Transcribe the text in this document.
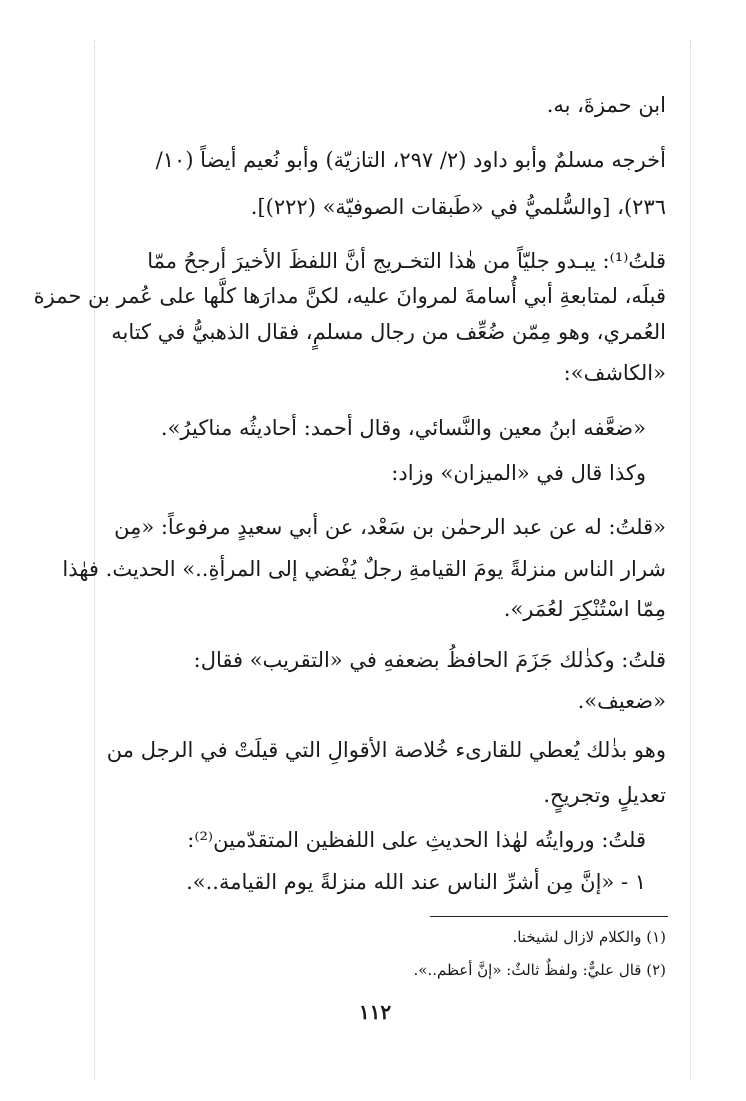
ابن حمزةَ، به.
أخرجه مسلمٌ وأبو داود (٢/ ٢٩٧، التازيّة) وأبو نُعيم أيضاً (١٠/
٢٣٦)، [والسُّلميُّ في «طَبقات الصوفيّة» (٢٢٢)].
قلتُ⁽¹⁾: يبـدو جليّاً من هٰذا التخـريج أنَّ اللفظَ الأخيرَ أرجحُ ممّا
قبلَه، لمتابعةِ أبي أُسامةَ لمروانَ عليه، لكنَّ مدارَها كلَّها على عُمر بن حمزة
العُمري، وهو مِمّن ضُعِّف من رجال مسلمٍ، فقال الذهبيُّ في كتابه
«الكاشف»:
«ضعَّفه ابنُ معين والنَّسائي، وقال أحمد: أحاديثُه مناكيرُ».
وكذا قال في «الميزان» وزاد:
«قلتُ: له عن عبد الرحمٰن بن سَعْد، عن أبي سعيدٍ مرفوعاً: «مِن
شرار الناس منزلةً يومَ القيامةِ رجلٌ يُفْضي إلى المرأةِ..» الحديث. فهٰذا
مِمّا اسْتُنْكِرَ لعُمَر».
قلتُ: وكذٰلك جَزَمَ الحافظُ بضعفهِ في «التقريب» فقال:
«ضعيف».
وهو بذٰلك يُعطي للقارىء خُلاصة الأقوالِ التي قيلَتْ في الرجل من
تعديلٍ وتجريحٍ.
قلتُ: وروايتُه لهٰذا الحديثِ على اللفظين المتقدّمين⁽²⁾:
١ - «إنَّ مِن أشرِّ الناس عند الله منزلةً يوم القيامة..».
(١) والكلام لازال لشيخنا.
(٢) قال عليٌّ: ولفظٌ ثالثٌ: «إنَّ أعظم..».
١١٢
